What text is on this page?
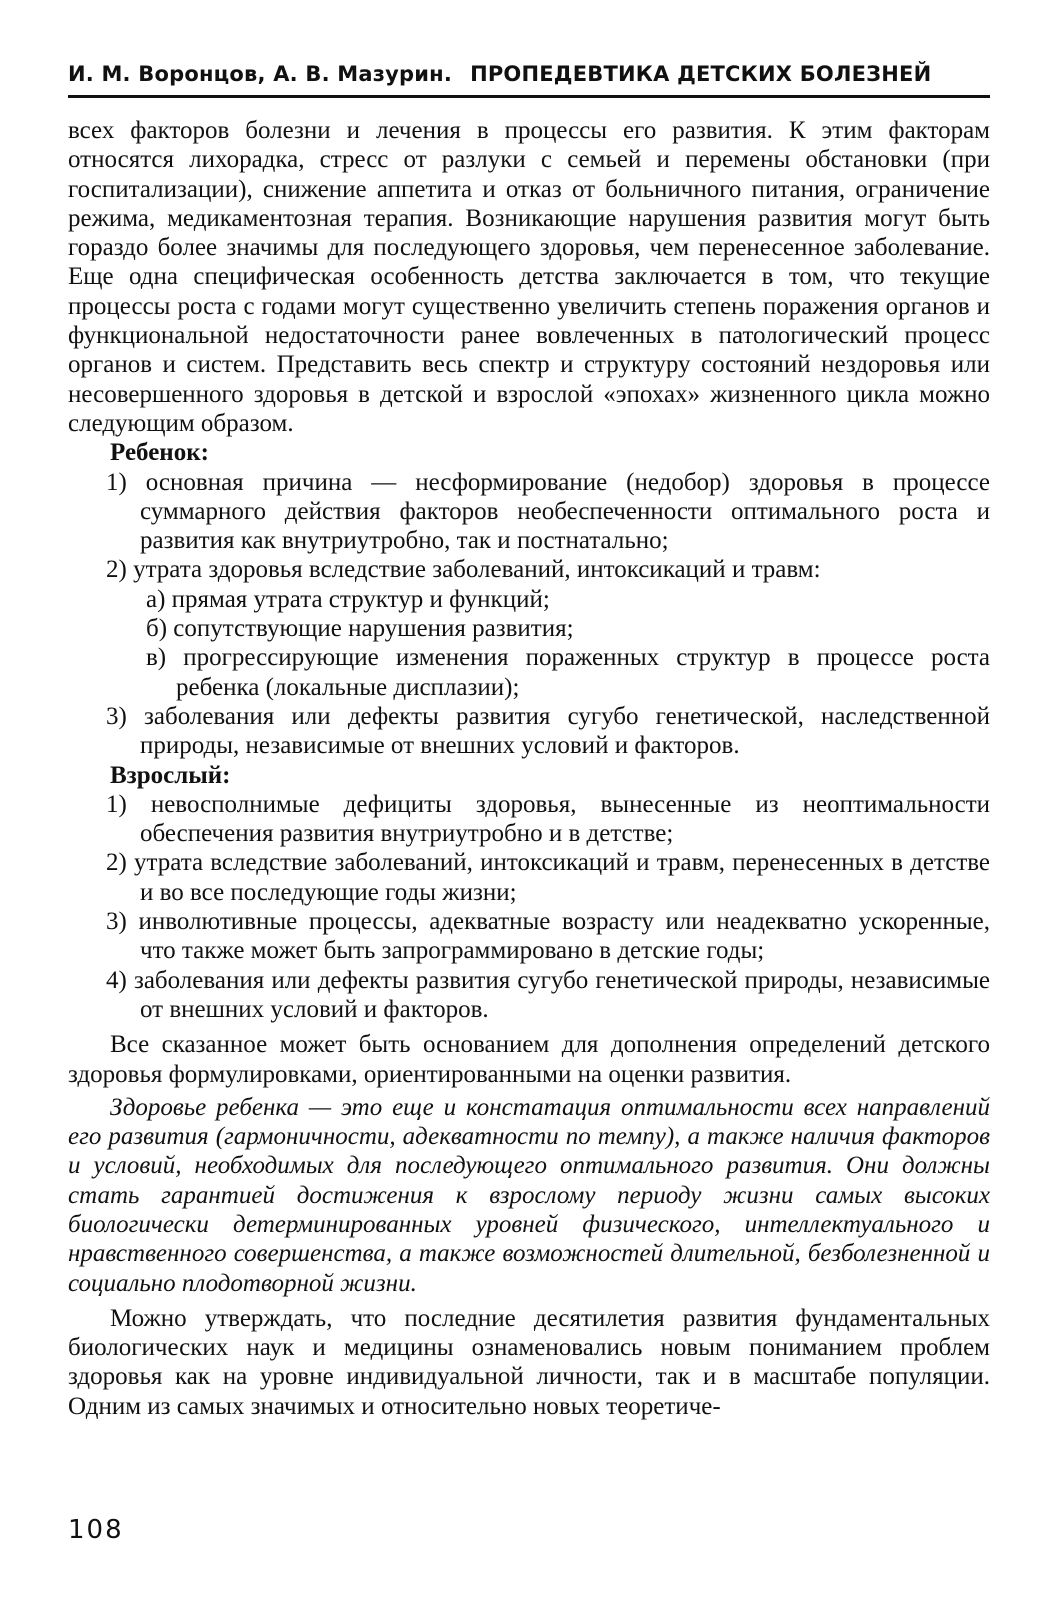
И. М. Воронцов, А. В. Мазурин. ПРОПЕДЕВТИКА ДЕТСКИХ БОЛЕЗНЕЙ

всех факторов болезни и лечения в процессы его развития. К этим факторам относятся лихорадка, стресс от разлуки с семьей и перемены обстановки (при госпитализации), снижение аппетита и отказ от больничного питания, ограничение режима, медикаментозная терапия. Возникающие нарушения развития могут быть гораздо более значимы для последующего здоровья, чем перенесенное заболевание. Еще одна специфическая особенность детства заключается в том, что текущие процессы роста с годами могут существенно увеличить степень поражения органов и функциональной недостаточности ранее вовлеченных в патологический процесс органов и систем. Представить весь спектр и структуру состояний нездоровья или несовершенного здоровья в детской и взрослой «эпохах» жизненного цикла можно следующим образом.

Ребенок:

1) основная причина — несформирование (недобор) здоровья в процессе суммарного действия факторов необеспеченности оптимального роста и развития как внутриутробно, так и постнатально;

2) утрата здоровья вследствие заболеваний, интоксикаций и травм:

а) прямая утрата структур и функций;

б) сопутствующие нарушения развития;

в) прогрессирующие изменения пораженных структур в процессе роста ребенка (локальные дисплазии);

3) заболевания или дефекты развития сугубо генетической, наследственной природы, независимые от внешних условий и факторов.

Взрослый:

1) невосполнимые дефициты здоровья, вынесенные из неоптимальности обеспечения развития внутриутробно и в детстве;

2) утрата вследствие заболеваний, интоксикаций и травм, перенесенных в детстве и во все последующие годы жизни;

3) инволютивные процессы, адекватные возрасту или неадекватно ускоренные, что также может быть запрограммировано в детские годы;

4) заболевания или дефекты развития сугубо генетической природы, независимые от внешних условий и факторов.

Все сказанное может быть основанием для дополнения определений детского здоровья формулировками, ориентированными на оценки развития.

Здоровье ребенка — это еще и констатация оптимальности всех направлений его развития (гармоничности, адекватности по темпу), а также наличия факторов и условий, необходимых для последующего оптимального развития. Они должны стать гарантией достижения к взрослому периоду жизни самых высоких биологически детерминированных уровней физического, интеллектуального и нравственного совершенства, а также возможностей длительной, безболезненной и социально плодотворной жизни.

Можно утверждать, что последние десятилетия развития фундаментальных биологических наук и медицины ознаменовались новым пониманием проблем здоровья как на уровне индивидуальной личности, так и в масштабе популяции. Одним из самых значимых и относительно новых теоретиче-

108
